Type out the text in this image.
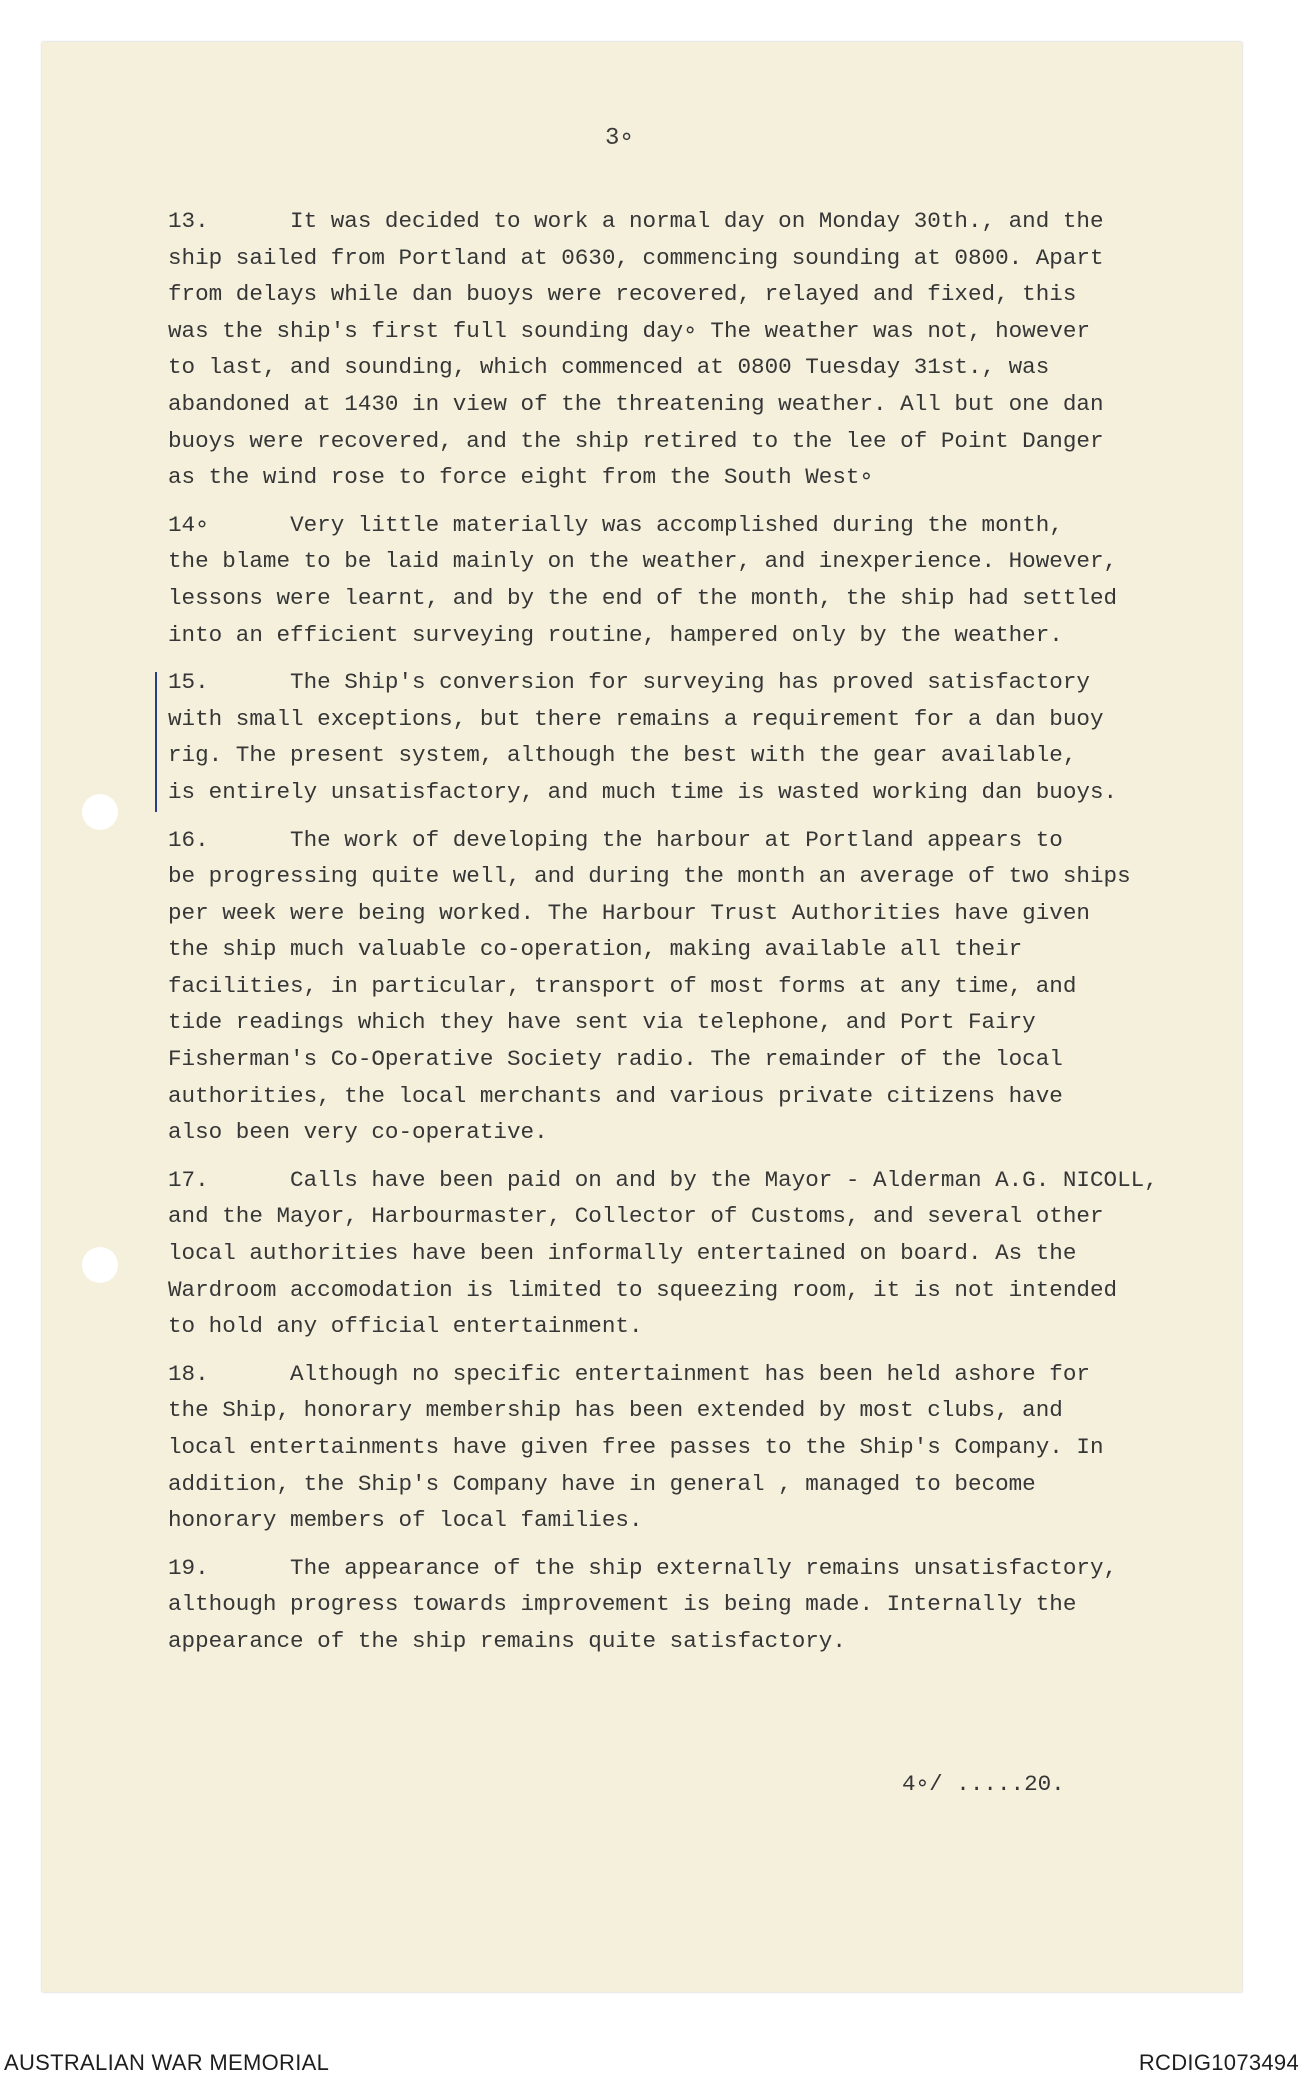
3∘
13.      It was decided to work a normal day on Monday 30th., and the
ship sailed from Portland at 0630, commencing sounding at 0800. Apart
from delays while dan buoys were recovered, relayed and fixed, this
was the ship's first full sounding day∘ The weather was not, however
to last, and sounding, which commenced at 0800 Tuesday 31st., was
abandoned at 1430 in view of the threatening weather. All but one dan
buoys were recovered, and the ship retired to the lee of Point Danger
as the wind rose to force eight from the South West∘
14∘      Very little materially was accomplished during the month,
the blame to be laid mainly on the weather, and inexperience. However,
lessons were learnt, and by the end of the month, the ship had settled
into an efficient surveying routine, hampered only by the weather.
15.      The Ship's conversion for surveying has proved satisfactory
with small exceptions, but there remains a requirement for a dan buoy
rig. The present system, although the best with the gear available,
is entirely unsatisfactory, and much time is wasted working dan buoys.
16.      The work of developing the harbour at Portland appears to
be progressing quite well, and during the month an average of two ships
per week were being worked. The Harbour Trust Authorities have given
the ship much valuable co-operation, making available all their
facilities, in particular, transport of most forms at any time, and
tide readings which they have sent via telephone, and Port Fairy
Fisherman's Co-Operative Society radio. The remainder of the local
authorities, the local merchants and various private citizens have
also been very co-operative.
17.      Calls have been paid on and by the Mayor - Alderman A.G. NICOLL,
and the Mayor, Harbourmaster, Collector of Customs, and several other
local authorities have been informally entertained on board. As the
Wardroom accomodation is limited to squeezing room, it is not intended
to hold any official entertainment.
18.      Although no specific entertainment has been held ashore for
the Ship, honorary membership has been extended by most clubs, and
local entertainments have given free passes to the Ship's Company. In
addition, the Ship's Company have in general , managed to become
honorary members of local families.
19.      The appearance of the ship externally remains unsatisfactory,
although progress towards improvement is being made. Internally the
appearance of the ship remains quite satisfactory.
4∘/ .....20.
AUSTRALIAN WAR MEMORIAL	RCDIG1073494
